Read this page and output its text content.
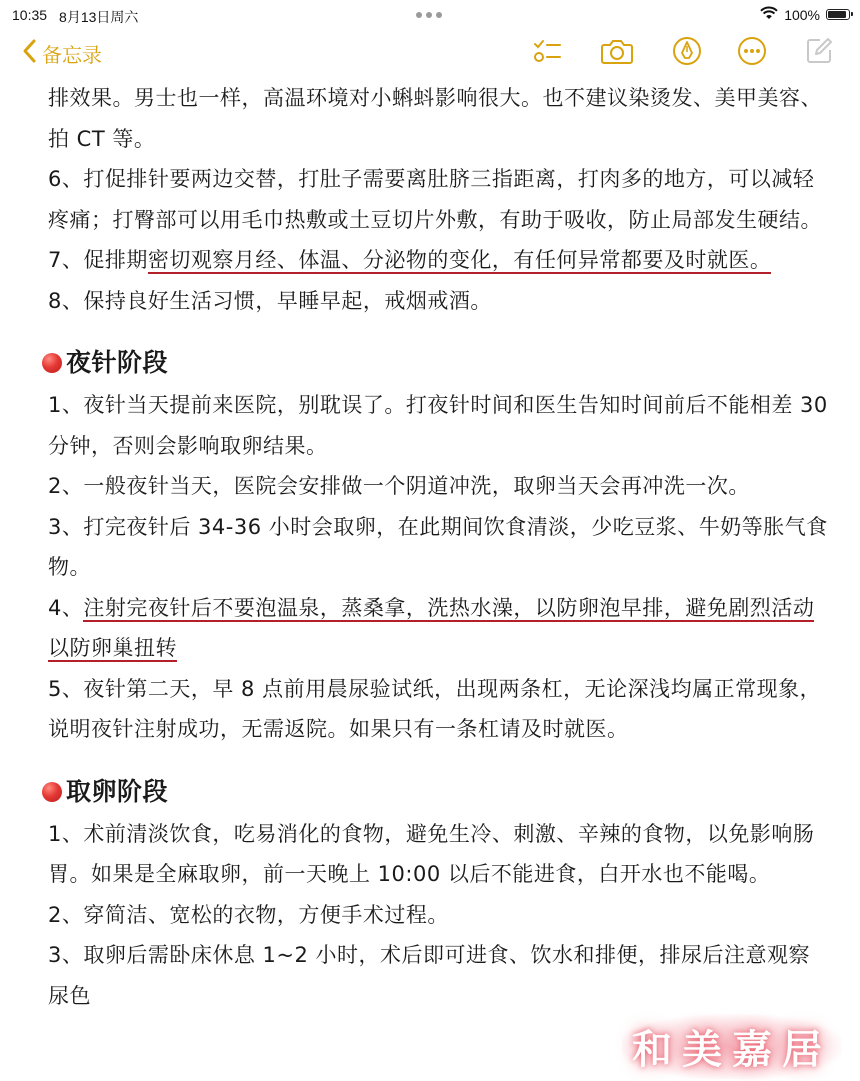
10:35 8月13日周六	100%
备忘录

排效果。男士也一样，高温环境对小蝌蚪影响很大。也不建议染烫发、美甲美容、拍 CT 等。

6、打促排针要两边交替，打肚子需要离肚脐三指距离，打肉多的地方，可以减轻疼痛；打臀部可以用毛巾热敷或土豆切片外敷，有助于吸收，防止局部发生硬结。

7、促排期密切观察月经、体温、分泌物的变化，有任何异常都要及时就医。

8、保持良好生活习惯，早睡早起，戒烟戒酒。

夜针阶段

1、夜针当天提前来医院，别耽误了。打夜针时间和医生告知时间前后不能相差 30 分钟，否则会影响取卵结果。

2、一般夜针当天，医院会安排做一个阴道冲洗，取卵当天会再冲洗一次。

3、打完夜针后 34-36 小时会取卵，在此期间饮食清淡，少吃豆浆、牛奶等胀气食物。

4、注射完夜针后不要泡温泉，蒸桑拿，洗热水澡，以防卵泡早排，避免剧烈活动以防卵巢扭转

5、夜针第二天，早 8 点前用晨尿验试纸，出现两条杠，无论深浅均属正常现象，说明夜针注射成功，无需返院。如果只有一条杠请及时就医。

取卵阶段

1、术前清淡饮食，吃易消化的食物，避免生冷、刺激、辛辣的食物，以免影响肠胃。如果是全麻取卵，前一天晚上 10:00 以后不能进食，白开水也不能喝。

2、穿简洁、宽松的衣物，方便手术过程。

3、取卵后需卧床休息 1~2 小时，术后即可进食、饮水和排便，排尿后注意观察尿色

和美嘉居
